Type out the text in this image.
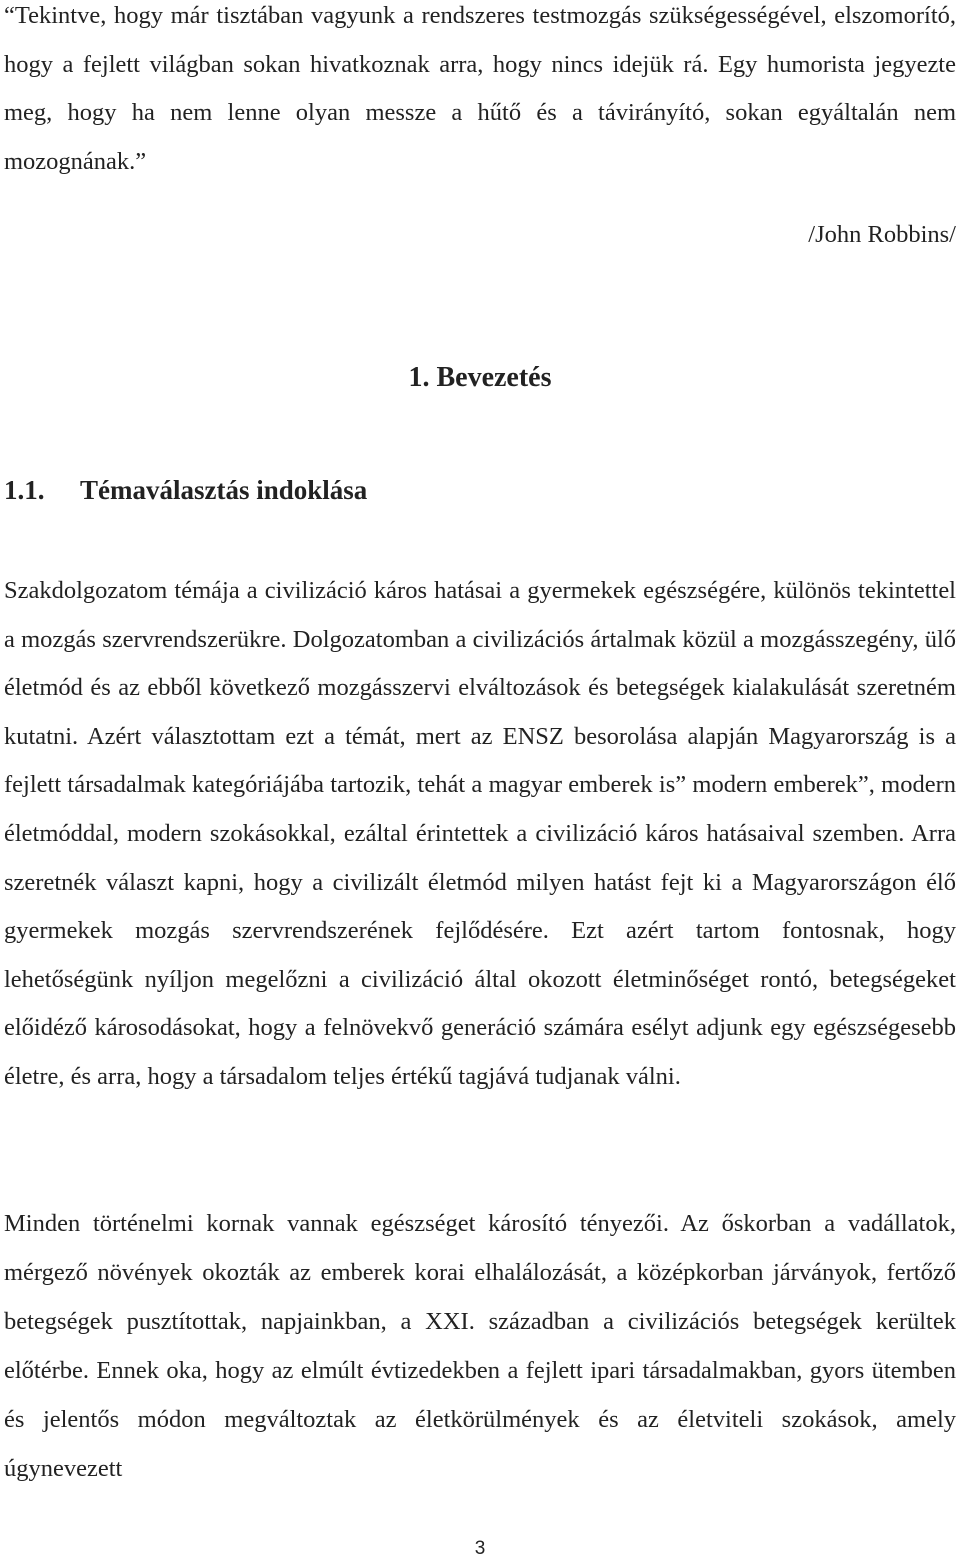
“Tekintve, hogy már tisztában vagyunk a rendszeres testmozgás szükségességével, elszomorító, hogy a fejlett világban sokan hivatkoznak arra, hogy nincs idejük rá. Egy humorista jegyezte meg, hogy ha nem lenne olyan messze a hűtő és a távirányító, sokan egyáltalán nem mozognának.”

/John Robbins/

1. Bevezetés
1.1. Témaválasztás indoklása

Szakdolgozatom témája a civilizáció káros hatásai a gyermekek egészségére, különös tekintettel a mozgás szervrendszerükre. Dolgozatomban a civilizációs ártalmak közül a mozgásszegény, ülő életmód és az ebből következő mozgásszervi elváltozások és betegségek kialakulását szeretném kutatni. Azért választottam ezt a témát, mert az ENSZ besorolása alapján Magyarország is a fejlett társadalmak kategóriájába tartozik, tehát a magyar emberek is” modern emberek”, modern életmóddal, modern szokásokkal, ezáltal érintettek a civilizáció káros hatásaival szemben. Arra szeretnék választ kapni, hogy a civilizált életmód milyen hatást fejt ki a Magyarországon élő gyermekek mozgás szervrendszerének fejlődésére. Ezt azért tartom fontosnak, hogy lehetőségünk nyíljon megelőzni a civilizáció által okozott életminőséget rontó, betegségeket előidéző károsodásokat, hogy a felnövekvő generáció számára esélyt adjunk egy egészségesebb életre, és arra, hogy a társadalom teljes értékű tagjává tudjanak válni.

Minden történelmi kornak vannak egészséget károsító tényezői. Az őskorban a vadállatok, mérgező növények okozták az emberek korai elhalálozását, a középkorban járványok, fertőző betegségek pusztítottak, napjainkban, a XXI. században a civilizációs betegségek kerültek előtérbe. Ennek oka, hogy az elmúlt évtizedekben a fejlett ipari társadalmakban, gyors ütemben és jelentős módon megváltoztak az életkörülmények és az életviteli szokások, amely úgynevezett

3
